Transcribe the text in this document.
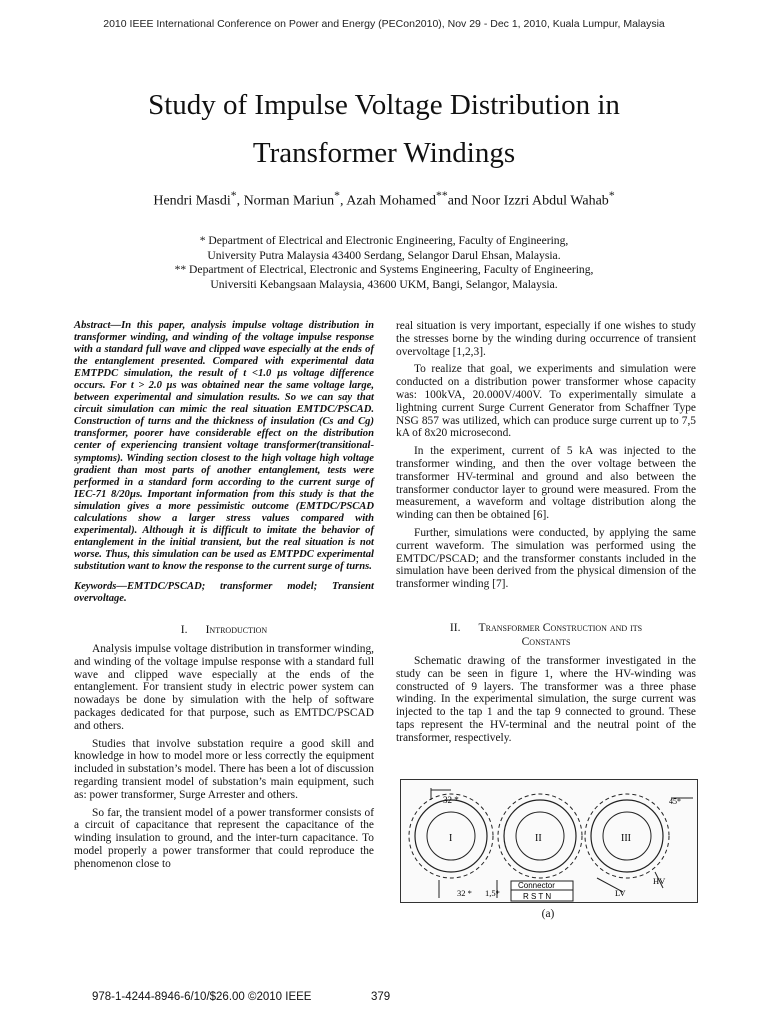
2010 IEEE International Conference on Power and Energy (PECon2010), Nov 29 - Dec 1, 2010, Kuala Lumpur, Malaysia
Study of Impulse Voltage Distribution in
Transformer Windings
Hendri Masdi*, Norman Mariun*, Azah Mohamed**and Noor Izzri Abdul Wahab*
* Department of Electrical and Electronic Engineering, Faculty of Engineering,
University Putra Malaysia 43400 Serdang, Selangor Darul Ehsan, Malaysia.
** Department of Electrical, Electronic and Systems Engineering, Faculty of Engineering,
Universiti Kebangsaan Malaysia, 43600 UKM, Bangi, Selangor, Malaysia.

Abstract—In this paper, analysis impulse voltage distribution in transformer winding, and winding of the voltage impulse response with a standard full wave and clipped wave especially at the ends of the entanglement presented. Compared with experimental data EMTPDC simulation, the result of t <1.0 µs voltage difference occurs. For t > 2.0 µs was obtained near the same voltage large, between experimental and simulation results. So we can say that circuit simulation can mimic the real situation EMTDC/PSCAD. Construction of turns and the thickness of insulation (Cs and Cg) transformer, poorer have considerable effect on the distribution center of experiencing transient voltage transformer(transitional-symptoms). Winding section closest to the high voltage high voltage gradient than most parts of another entanglement, tests were performed in a standard form according to the current surge of IEC-71 8/20µs. Important information from this study is that the simulation gives a more pessimistic outcome (EMTDC/PSCAD calculations show a larger stress values compared with experimental). Although it is difficult to imitate the behavior of entanglement in the initial transient, but the real situation is not worse. Thus, this simulation can be used as EMTPDC experimental substitution want to know the response to the current surge of turns.

Keywords—EMTDC/PSCAD; transformer model; Transient overvoltage.

I. Introduction

Analysis impulse voltage distribution in transformer winding, and winding of the voltage impulse response with a standard full wave and clipped wave especially at the ends of the entanglement. For transient study in electric power system can nowadays be done by simulation with the help of software packages dedicated for that purpose, such as EMTDC/PSCAD and others.

Studies that involve substation require a good skill and knowledge in how to model more or less correctly the equipment included in substation’s model. There has been a lot of discussion regarding transient model of substation’s main equipment, such as: power transformer, Surge Arrester and others.

So far, the transient model of a power transformer consists of a circuit of capacitance that represent the capacitance of the winding insulation to ground, and the inter-turn capacitance. To model properly a power transformer that could reproduce the phenomenon close to

real situation is very important, especially if one wishes to study the stresses borne by the winding during occurrence of transient overvoltage [1,2,3].

To realize that goal, we experiments and simulation were conducted on a distribution power transformer whose capacity was: 100kVA, 20.000V/400V. To experimentally simulate a lightning current Surge Current Generator from Schaffner Type NSG 857 was utilized, which can produce surge current up to 7,5 kA of 8x20 microsecond.

In the experiment, current of 5 kA was injected to the transformer winding, and then the over voltage between the transformer HV-terminal and ground and also between the transformer conductor layer to ground were measured. From the measurement, a waveform and voltage distribution along the winding can then be obtained [6].

Further, simulations were conducted, by applying the same current waveform. The simulation was performed using the EMTDC/PSCAD; and the transformer constants included in the simulation have been derived from the physical dimension of the transformer winding [7].

II. Transformer Construction and its
Constants

Schematic drawing of the transformer investigated in the study can be seen in figure 1, where the HV-winding was constructed of 9 layers. The transformer was a three phase winding. In the experimental simulation, the surge current was injected to the tap 1 and the tap 9 connected to ground. These taps represent the HV-terminal and the neutral point of the transformer, respectively.

32 *	45*
I	II	III
32 * 1,5*
Connector
R S T N	LV
HV
(a)
978-1-4244-8946-6/10/$26.00 ©2010 IEEE	379
